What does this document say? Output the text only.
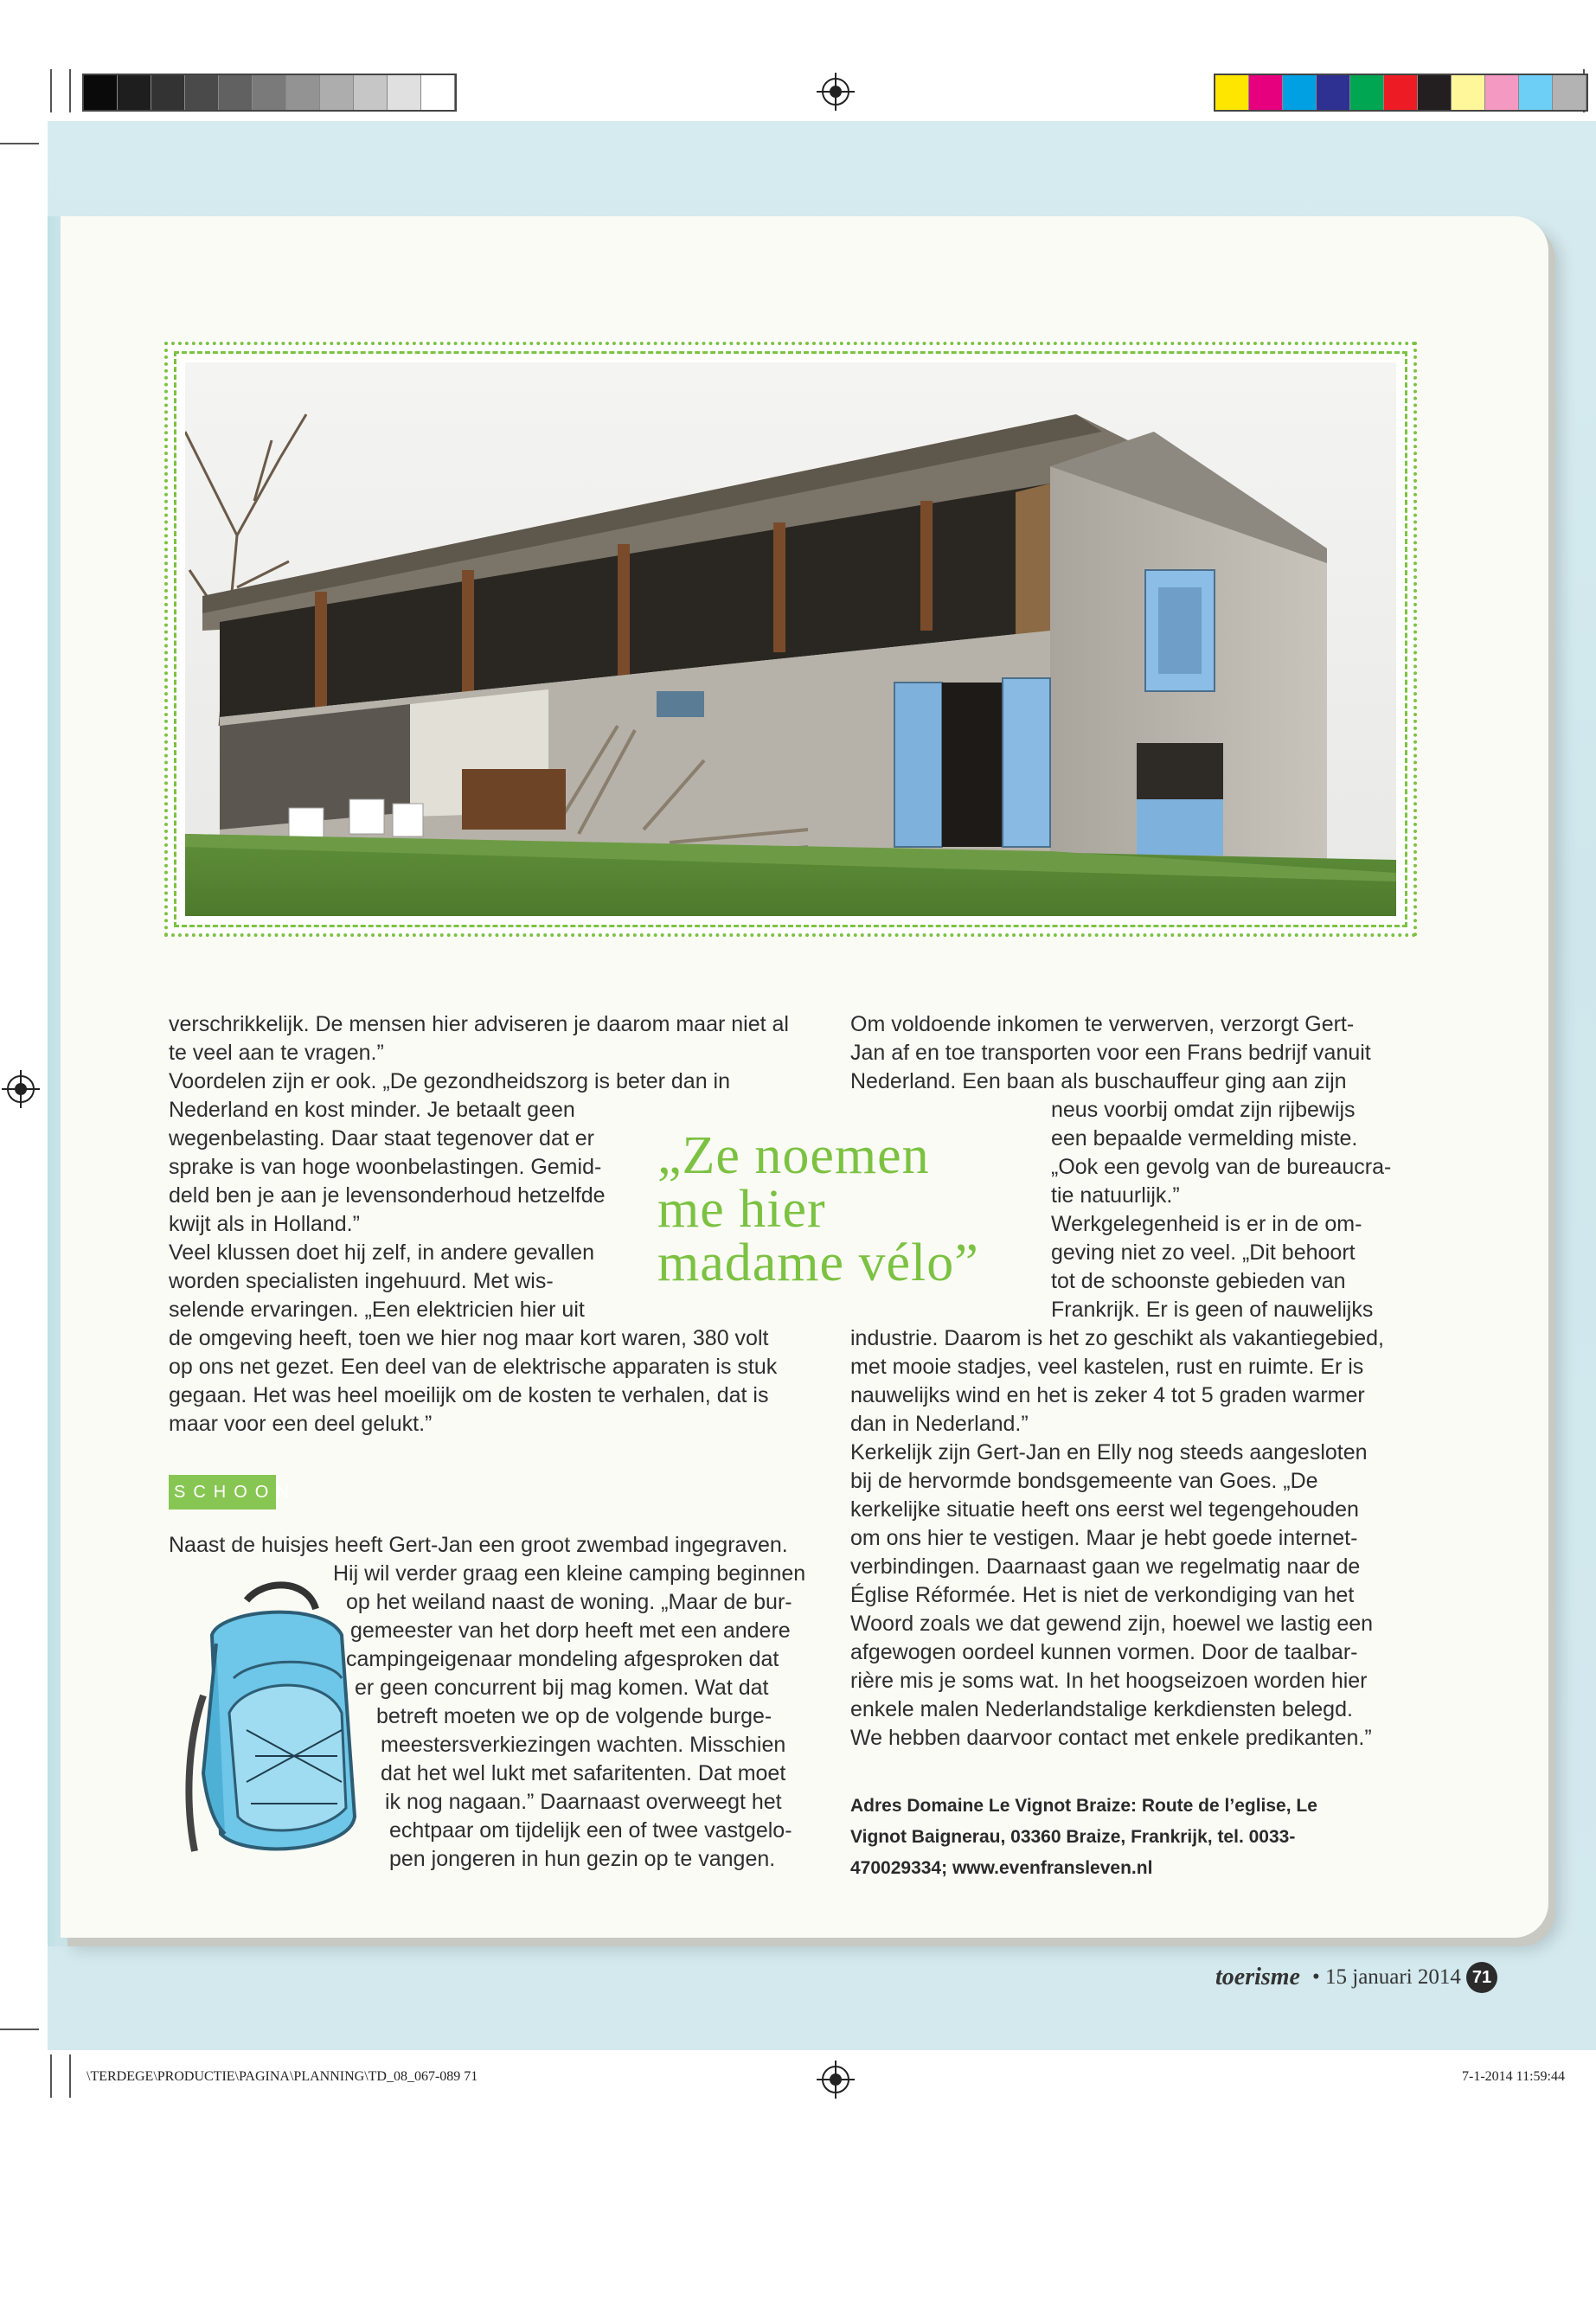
verschrikkelijk. De mensen hier adviseren je daarom maar niet al
te veel aan te vragen.”
Voordelen zijn er ook. „De gezondheidszorg is beter dan in
Nederland en kost minder. Je betaalt geen
wegenbelasting. Daar staat tegenover dat er
sprake is van hoge woonbelastingen. Gemid-
deld ben je aan je levensonderhoud hetzelfde
kwijt als in Holland.”
Veel klussen doet hij zelf, in andere gevallen
worden specialisten ingehuurd. Met wis-
selende ervaringen. „Een elektricien hier uit
de omgeving heeft, toen we hier nog maar kort waren, 380 volt
op ons net gezet. Een deel van de elektrische apparaten is stuk
gegaan. Het was heel moeilijk om de kosten te verhalen, dat is
maar voor een deel gelukt.”
„Ze noemen
me hier
madame vélo”
SCHOON
Naast de huisjes heeft Gert-Jan een groot zwembad ingegraven.
Hij wil verder graag een kleine camping beginnen
op het weiland naast de woning. „Maar de bur-
gemeester van het dorp heeft met een andere
campingeigenaar mondeling afgesproken dat
er geen concurrent bij mag komen. Wat dat
betreft moeten we op de volgende burge-
meestersverkiezingen wachten. Misschien
dat het wel lukt met safaritenten. Dat moet
ik nog nagaan.” Daarnaast overweegt het
echtpaar om tijdelijk een of twee vastgelo-
pen jongeren in hun gezin op te vangen.
Om voldoende inkomen te verwerven, verzorgt Gert-
Jan af en toe transporten voor een Frans bedrijf vanuit
Nederland. Een baan als buschauffeur ging aan zijn
neus voorbij omdat zijn rijbewijs
een bepaalde vermelding miste.
„Ook een gevolg van de bureaucra-
tie natuurlijk.”
Werkgelegenheid is er in de om-
geving niet zo veel. „Dit behoort
tot de schoonste gebieden van
Frankrijk. Er is geen of nauwelijks
industrie. Daarom is het zo geschikt als vakantiegebied,
met mooie stadjes, veel kastelen, rust en ruimte. Er is
nauwelijks wind en het is zeker 4 tot 5 graden warmer
dan in Nederland.”
Kerkelijk zijn Gert-Jan en Elly nog steeds aangesloten
bij de hervormde bondsgemeente van Goes. „De
kerkelijke situatie heeft ons eerst wel tegengehouden
om ons hier te vestigen. Maar je hebt goede internet-
verbindingen. Daarnaast gaan we regelmatig naar de
Église Réformée. Het is niet de verkondiging van het
Woord zoals we dat gewend zijn, hoewel we lastig een
afgewogen oordeel kunnen vormen. Door de taalbar-
rière mis je soms wat. In het hoogseizoen worden hier
enkele malen Nederlandstalige kerkdiensten belegd.
We hebben daarvoor contact met enkele predikanten.”
Adres Domaine Le Vignot Braize: Route de l’eglise, Le
Vignot Baignerau, 03360 Braize, Frankrijk, tel. 0033-
470029334; www.evenfransleven.nl
toerisme • 15 januari 2014 71
\TERDEGE\PRODUCTIE\PAGINA\PLANNING\TD_08_067-089 71	7-1-2014 11:59:44
